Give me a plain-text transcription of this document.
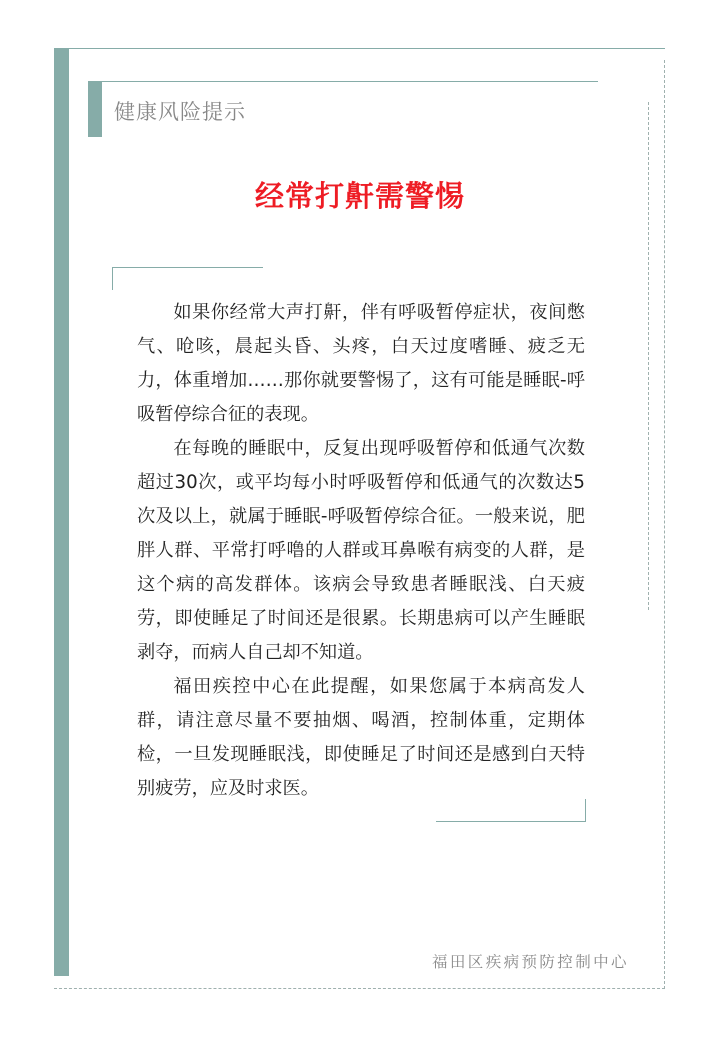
健康风险提示
经常打鼾需警惕

如果你经常大声打鼾，伴有呼吸暂停症状，夜间憋气、呛咳，晨起头昏、头疼，白天过度嗜睡、疲乏无力，体重增加……那你就要警惕了，这有可能是睡眠-呼吸暂停综合征的表现。

在每晚的睡眠中，反复出现呼吸暂停和低通气次数超过30次，或平均每小时呼吸暂停和低通气的次数达5次及以上，就属于睡眠-呼吸暂停综合征。一般来说，肥胖人群、平常打呼噜的人群或耳鼻喉有病变的人群，是这个病的高发群体。该病会导致患者睡眠浅、白天疲劳，即使睡足了时间还是很累。长期患病可以产生睡眠剥夺，而病人自己却不知道。

福田疾控中心在此提醒，如果您属于本病高发人群，请注意尽量不要抽烟、喝酒，控制体重，定期体检，一旦发现睡眠浅，即使睡足了时间还是感到白天特别疲劳，应及时求医。

福田区疾病预防控制中心
